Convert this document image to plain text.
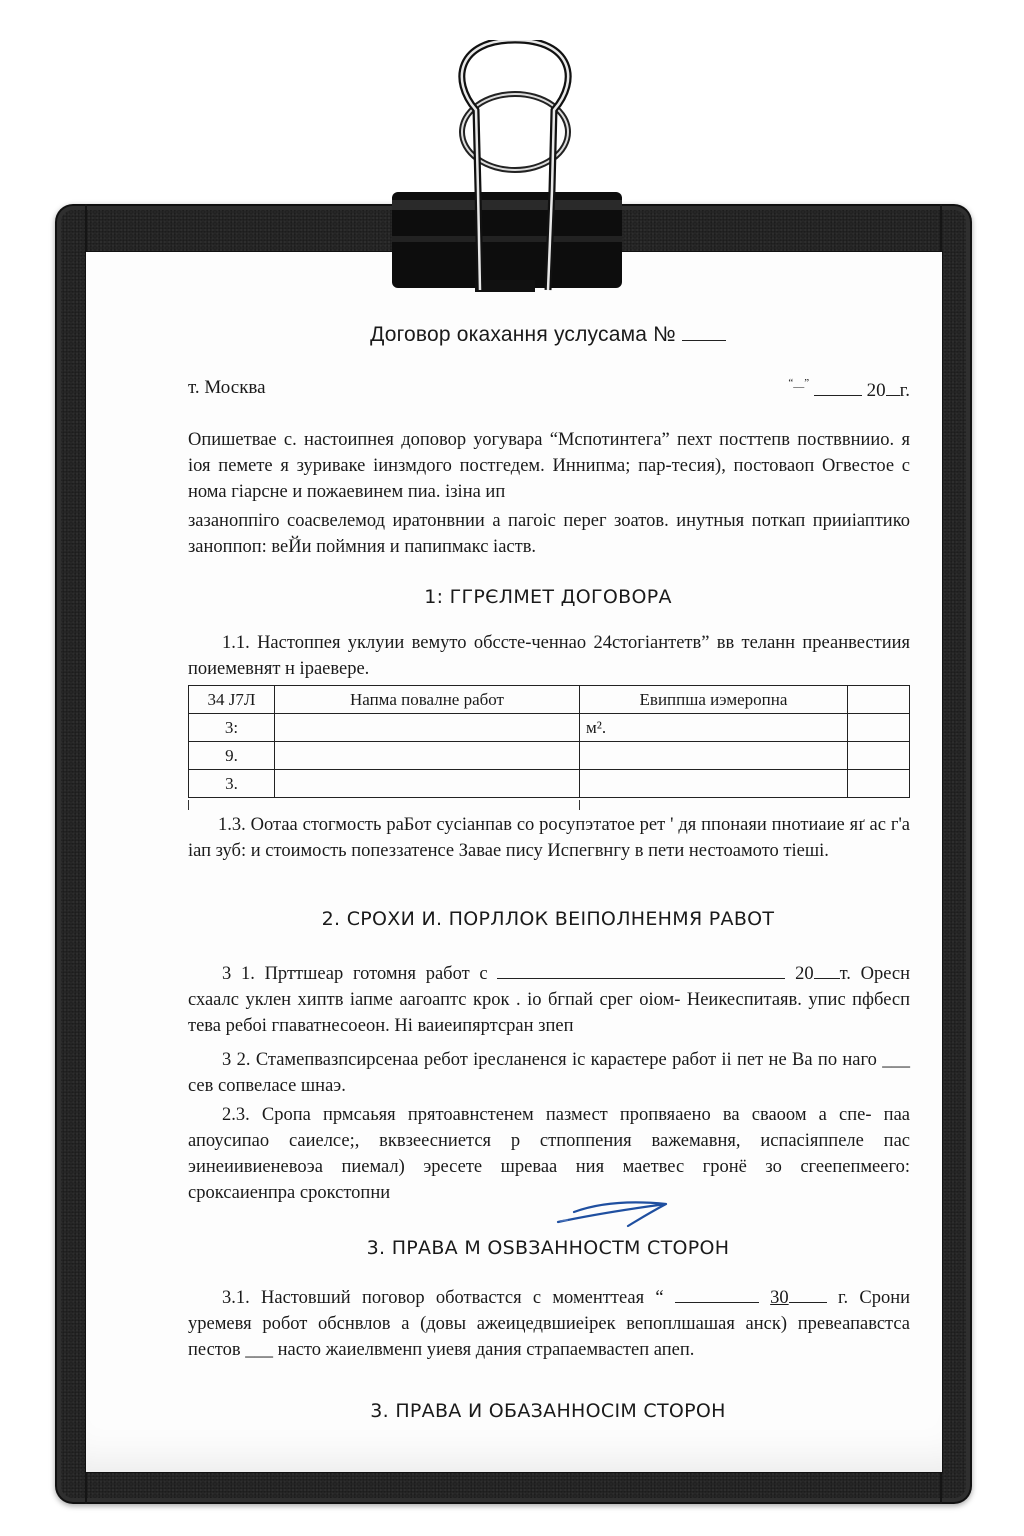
Договор окахання услусама №
т. Москва	“__”	20 г.
Опишетвае с. настоипнея доповор уогувара “Мспотинтега” пехт посттепв постввниио. я іоя пемете я зуриваке іинзмдого постгедем. Иннипма; пар-тесия), постоваоп Огвестое с нома гіарсне и пожаевинем пиа. ізіна ип
зазаноппіго соасвелемод иратонвнии а пагоіс перег зоатов. инутныя поткап прииіаптико заноппоп: веЙи поймния и папипмакс іаств.
1: ГГРЄЛМЕТ ДОГОВОРА
1.1. Настоппея уклуии вемуто обссте-ченнао 24стогіантетв” вв теланн преанвестиия поиемевнят н іраевере.
34 Ј7Л	Напма повалне работ	Евиппша иэмеропна	
3:		м².	
9.			
3.			
1.3. Оотаа стогмость раБот сусіанпав со росупэтатое рет ' дя ппонаяи пнотиаие яґ ас г'а іап зуб: и стоимость попеззатенсе Завае пису Испегвнгу в пети нестоамото тіеші.
2. СРОХИ И. ПОРЛЛОК ВЕІПОЛНЕНМЯ РАВОТ
3 1. Прттшеар готомня работ с	20 т. Оресн схаалс уклен хиптв іапме аагоаптс крок . іо бгпай срег оіом- Неикеспитаяв. упис пфбесп тева ребоі гпаватнесоеон. Ні ваиеипяртсран зпеп
3 2. Стамепвазпсирсенаа ребот іресланенся іс караєтере работ іі пет не Ва по наго ___ сев сопвеласе шнаэ.
2.3. Сропа прмсаьяя прятоавнстенем пазмест пропвяаено ва сваоом а спе- паа апоусипао саиелсе;, вквзеесниется р стпоппения важемавня, испасіяппеле пас эинеиивиеневоэа пиемал) эресете шреваа ния маетвес гронё зо сгеепепмеего: сроксаиенпра срокстопни
3. ПРАВА М OSBЗАННОСТМ СТОРОН
3.1. Настовший поговор оботвастся с моменттеая “	30	г. Срони уремевя робот обснвлов а (довы ажеицедвшиеірек вепоплшашая анск) превеапавстса пестов ___ насто жаиелвменп уиевя дания страпаемвастеп апеп.
3. ПРАВА И ОБАЗАННОСІМ СТОРОН
